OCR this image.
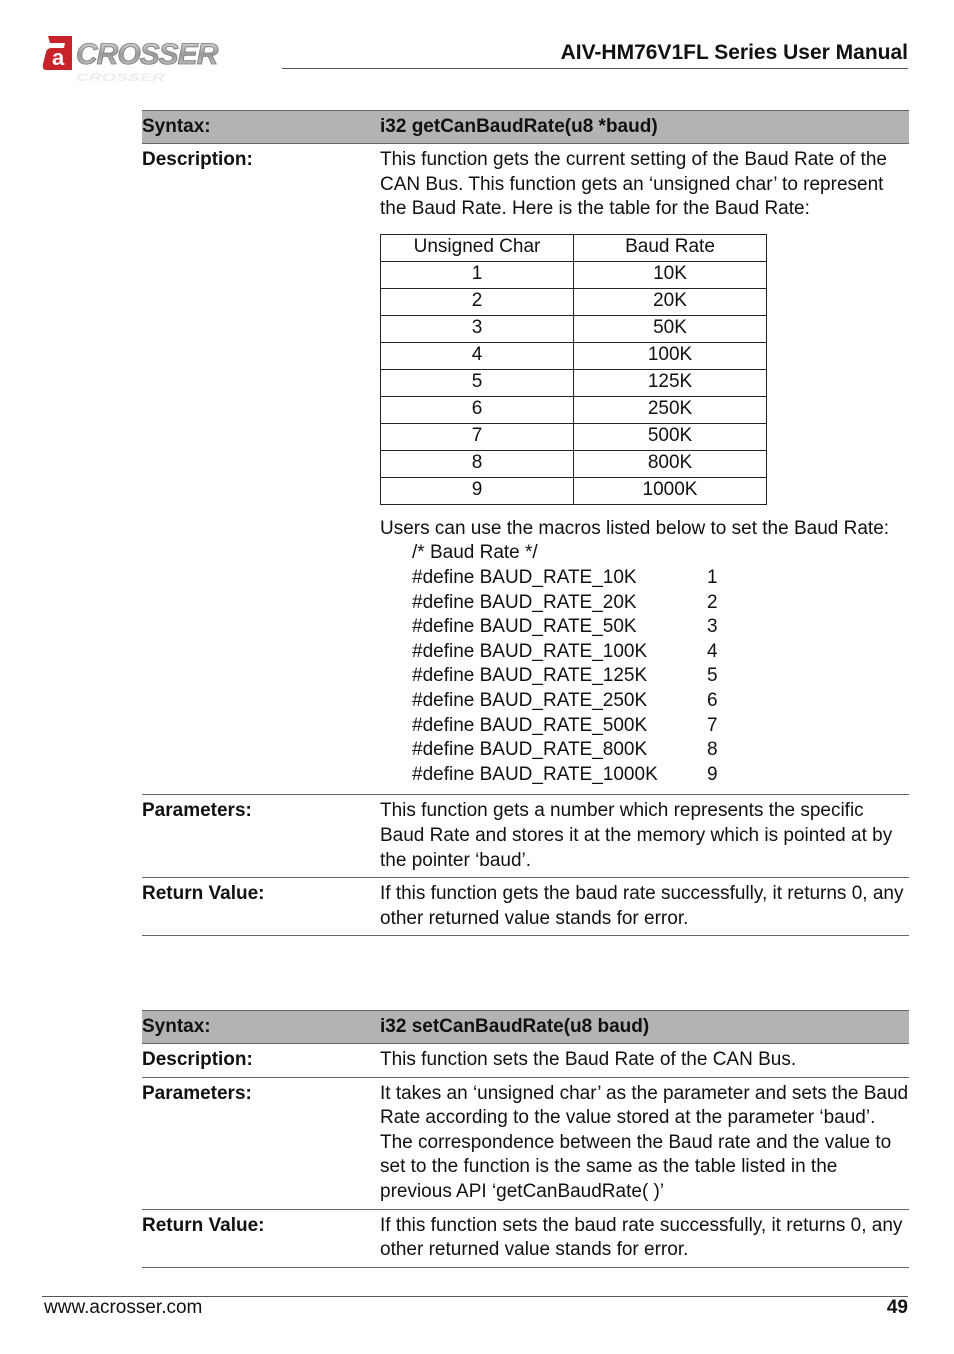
a CROSSER
CROSSER
AIV-HM76V1FL Series User Manual
Syntax:	i32 getCanBaudRate(u8 *baud)
Description:	This function gets the current setting of the Baud Rate of the CAN Bus. This function gets an ‘unsigned char’ to represent the Baud Rate. Here is the table for the Baud Rate:
Unsigned Char	Baud Rate
1	10K
2	20K
3	50K
4	100K
5	125K
6	250K
7	500K
8	800K
9	1000K
Users can use the macros listed below to set the Baud Rate:
/* Baud Rate */
#define BAUD_RATE_10K	1
#define BAUD_RATE_20K	2
#define BAUD_RATE_50K	3
#define BAUD_RATE_100K	4
#define BAUD_RATE_125K	5
#define BAUD_RATE_250K	6
#define BAUD_RATE_500K	7
#define BAUD_RATE_800K	8
#define BAUD_RATE_1000K	9
Parameters:	This function gets a number which represents the specific Baud Rate and stores it at the memory which is pointed at by the pointer ‘baud’.
Return Value:	If this function gets the baud rate successfully, it returns 0, any other returned value stands for error.
Syntax:	i32 setCanBaudRate(u8 baud)
Description:	This function sets the Baud Rate of the CAN Bus.
Parameters:	It takes an ‘unsigned char’ as the parameter and sets the Baud Rate according to the value stored at the parameter ‘baud’. The correspondence between the Baud rate and the value to set to the function is the same as the table listed in the previous API ‘getCanBaudRate( )’
Return Value:	If this function sets the baud rate successfully, it returns 0, any other returned value stands for error.
www.acrosser.com	49
